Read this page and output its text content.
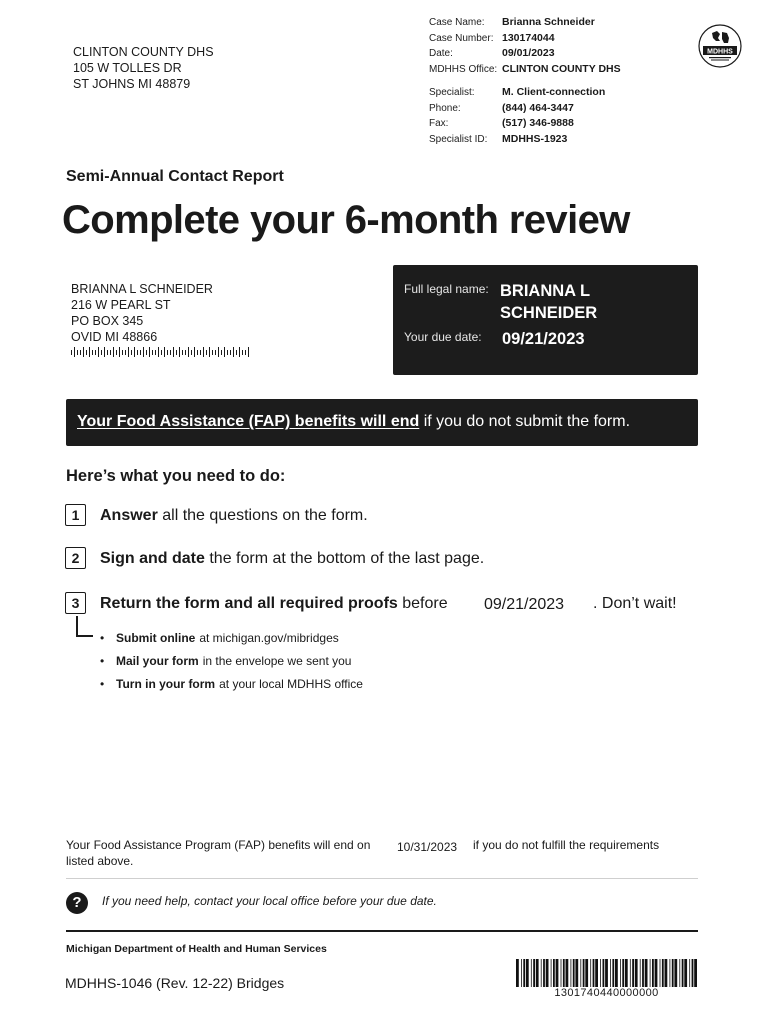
CLINTON COUNTY DHS
105 W TOLLES DR
ST JOHNS MI 48879
Case Name:	Brianna Schneider
Case Number: 130174044
Date:	09/01/2023
MDHHS Office: CLINTON COUNTY DHS
Specialist:	M. Client-connection
Phone:	(844) 464-3447
Fax:	(517) 346-9888
Specialist ID:	MDHHS-1923
MDHHS
Semi-Annual Contact Report
Complete your 6-month review
BRIANNA L SCHNEIDER
216 W PEARL ST
PO BOX 345
OVID MI 48866
Full legal name: BRIANNA L
SCHNEIDER
Your due date: 09/21/2023
Your Food Assistance (FAP) benefits will end if you do not submit the form.
Here’s what you need to do:
1	Answer all the questions on the form.
2	Sign and date the form at the bottom of the last page.
3	Return the form and all required proofs before 09/21/2023 . Don’t wait!
• Submit online at michigan.gov/mibridges
• Mail your form in the envelope we sent you
• Turn in your form at your local MDHHS office
Your Food Assistance Program (FAP) benefits will end on 10/31/2023 if you do not fulfill the requirements
listed above.
?	If you need help, contact your local office before your due date.
Michigan Department of Health and Human Services
MDHHS-1046 (Rev. 12-22) Bridges
1301740440000000
